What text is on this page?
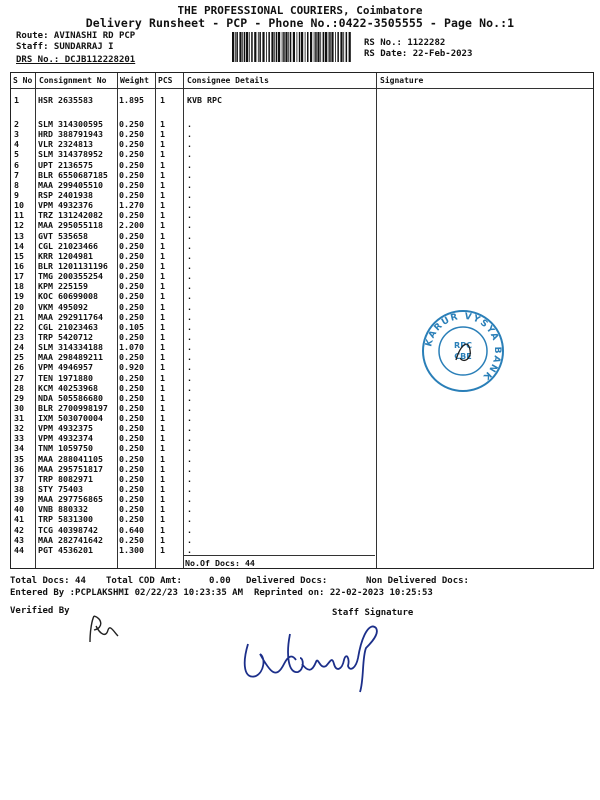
THE PROFESSIONAL COURIERS, Coimbatore
Delivery Runsheet - PCP - Phone No.:0422-3505555 - Page No.:1
Route: AVINASHI RD PCP
Staff: SUNDARRAJ I
DRS No.: DCJB112228201
RS No.: 1122282
RS Date: 22-Feb-2023
S No Consignment No Weight PCS Consignee Details	Signature
1 HSR 2635583	1.895 1	KVB RPC
2 SLM 314300595 0.250 1	.
3 HRD 388791943 0.250 1	.
4 VLR 2324813	0.250 1	.
5 SLM 314378952 0.250 1	.
6 UPT 2136575	0.250 1	.
7 BLR 6550687185 0.250 1	.
8 MAA 299405510 0.250 1	.
9 RSP 2401938	0.250 1	.
10 VPM 4932376	1.270 1	.
11 TRZ 131242082 0.250 1	.
12 MAA 295055118 2.200 1	.
13 GVT 535658	0.250 1	.
14 CGL 21023466	0.250 1	.
15 KRR 1204981	0.250 1	.
16 BLR 1201131196 0.250 1	.
17 TMG 200355254 0.250 1	.
18 KPM 225159	0.250 1	.
19 KOC 60699008	0.250 1	.
20 VKM 495092	0.250 1	.
21 MAA 292911764 0.250 1	.
22 CGL 21023463	0.105 1	.
23 TRP 5420712	0.250 1	.
24 SLM 314334188 1.070 1	.
25 MAA 298489211 0.250 1	.
26 VPM 4946957	0.920 1	.
27 TEN 1971880	0.250 1	.
28 KCM 40253968	0.250 1	.
29 NDA 505586680 0.250 1	.
30 BLR 2700998197 0.250 1	.
31 IXM 503070004 0.250 1	.
32 VPM 4932375	0.250 1	.
33 VPM 4932374	0.250 1	.
34 TNM 1059750	0.250 1	.
35 MAA 288041105 0.250 1	.
36 MAA 295751817 0.250 1	.
37 TRP 8082971	0.250 1	.
38 STY 75403	0.250 1	.
39 MAA 297756865 0.250 1	.
40 VNB 880332	0.250 1	.
41 TRP 5831300	0.250 1	.
42 TCG 40398742	0.640 1	.
43 MAA 282741642 0.250 1	.
44 PGT 4536201	1.300 1	.
No.Of Docs: 44
Total Docs: 44 Total COD Amt:     0.00 Delivered Docs:	Non Delivered Docs:
Entered By :PCPLAKSHMI 02/22/23 10:23:35 AM Reprinted on: 22-02-2023 10:25:53
Verified By	Staff Signature
KARUR VYSYA BANK
RPC
CBE
